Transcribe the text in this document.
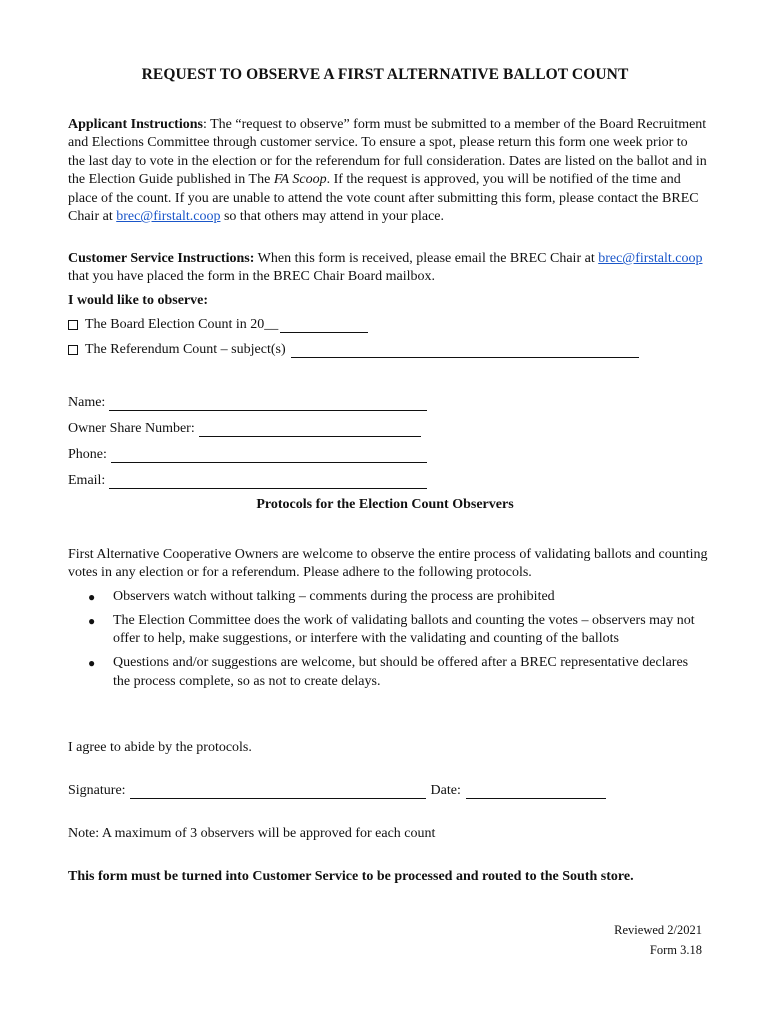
REQUEST TO OBSERVE A FIRST ALTERNATIVE BALLOT COUNT
Applicant Instructions: The “request to observe” form must be submitted to a member of the Board Recruitment and Elections Committee through customer service. To ensure a spot, please return this form one week prior to the last day to vote in the election or for the referendum for full consideration. Dates are listed on the ballot and in the Election Guide published in The FA Scoop. If the request is approved, you will be notified of the time and place of the count. If you are unable to attend the vote count after submitting this form, please contact the BREC Chair at brec@firstalt.coop so that others may attend in your place.
Customer Service Instructions: When this form is received, please email the BREC Chair at brec@firstalt.coop that you have placed the form in the BREC Chair Board mailbox.
I would like to observe:
The Board Election Count in 20__
The Referendum Count – subject(s)
Name:
Owner Share Number:
Phone:
Email:
Protocols for the Election Count Observers
First Alternative Cooperative Owners are welcome to observe the entire process of validating ballots and counting votes in any election or for a referendum. Please adhere to the following protocols.
● Observers watch without talking – comments during the process are prohibited
● The Election Committee does the work of validating ballots and counting the votes – observers may not offer to help, make suggestions, or interfere with the validating and counting of the ballots
● Questions and/or suggestions are welcome, but should be offered after a BREC representative declares the process complete, so as not to create delays.
I agree to abide by the protocols.
Signature:	Date:
Note: A maximum of 3 observers will be approved for each count
This form must be turned into Customer Service to be processed and routed to the South store.
Reviewed 2/2021
Form 3.18
